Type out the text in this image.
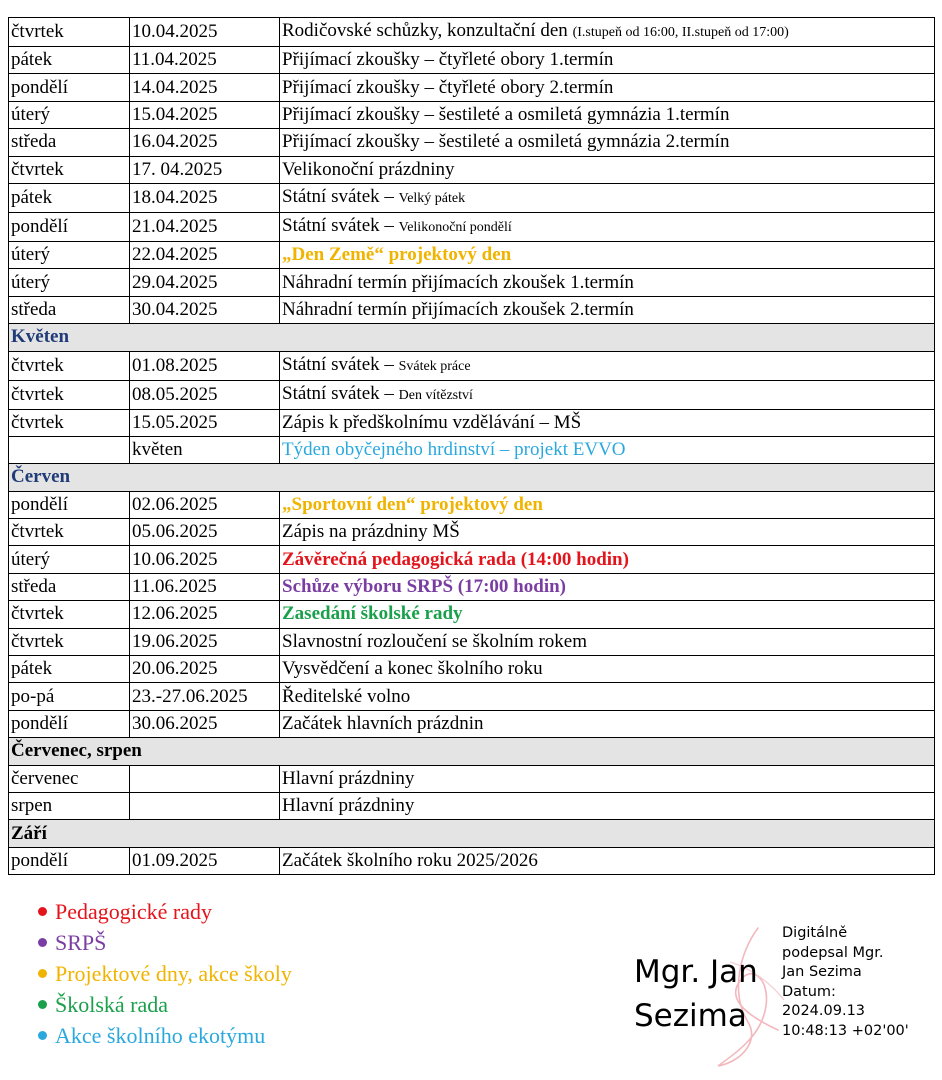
čtvrtek	10.04.2025	Rodičovské schůzky, konzultační den (I.stupeň od 16:00, II.stupeň od 17:00)
pátek	11.04.2025	Přijímací zkoušky – čtyřleté obory 1.termín
pondělí	14.04.2025	Přijímací zkoušky – čtyřleté obory 2.termín
úterý	15.04.2025	Přijímací zkoušky – šestileté a osmiletá gymnázia 1.termín
středa	16.04.2025	Přijímací zkoušky – šestileté a osmiletá gymnázia 2.termín
čtvrtek	17. 04.2025	Velikonoční prázdniny
pátek	18.04.2025	Státní svátek – Velký pátek
pondělí	21.04.2025	Státní svátek – Velikonoční pondělí
úterý	22.04.2025	„Den Země“ projektový den
úterý	29.04.2025	Náhradní termín přijímacích zkoušek 1.termín
středa	30.04.2025	Náhradní termín přijímacích zkoušek 2.termín
Květen		
čtvrtek	01.08.2025	Státní svátek – Svátek práce
čtvrtek	08.05.2025	Státní svátek – Den vítězství
čtvrtek	15.05.2025	Zápis k předškolnímu vzdělávání – MŠ
	květen	Týden obyčejného hrdinství – projekt EVVO
Červen		
pondělí	02.06.2025	„Sportovní den“ projektový den
čtvrtek	05.06.2025	Zápis na prázdniny MŠ
úterý	10.06.2025	Závěrečná pedagogická rada (14:00 hodin)
středa	11.06.2025	Schůze výboru SRPŠ (17:00 hodin)
čtvrtek	12.06.2025	Zasedání školské rady
čtvrtek	19.06.2025	Slavnostní rozloučení se školním rokem
pátek	20.06.2025	Vysvědčení a konec školního roku
po-pá	23.-27.06.2025	Ředitelské volno
pondělí	30.06.2025	Začátek hlavních prázdnin
Červenec, srpen		
červenec		Hlavní prázdniny
srpen		Hlavní prázdniny
Září		
pondělí	01.09.2025	Začátek školního roku 2025/2026
Pedagogické rady
SRPŠ
Projektové dny, akce školy
Školská rada
Akce školního ekotýmu
Mgr. Jan
Sezima
Digitálně
podepsal Mgr.
Jan Sezima
Datum:
2024.09.13
10:48:13 +02'00'
